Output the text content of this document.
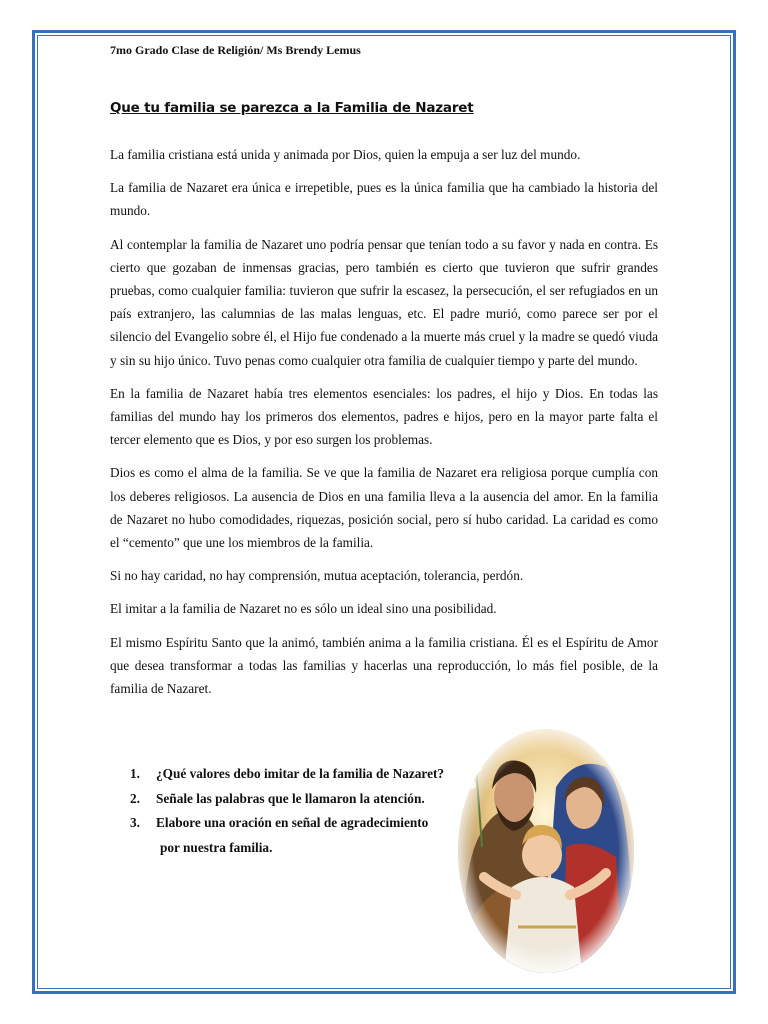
7mo Grado Clase de Religión/ Ms Brendy Lemus
Que tu familia se parezca a la Familia de Nazaret

La familia cristiana está unida y animada por Dios, quien la empuja a ser luz del mundo.

La familia de Nazaret era única e irrepetible, pues es la única familia que ha cambiado la historia del mundo.

Al contemplar la familia de Nazaret uno podría pensar que tenían todo a su favor y nada en contra. Es cierto que gozaban de inmensas gracias, pero también es cierto que tuvieron que sufrir grandes pruebas, como cualquier familia: tuvieron que sufrir la escasez, la persecución, el ser refugiados en un país extranjero, las calumnias de las malas lenguas, etc. El padre murió, como parece ser por el silencio del Evangelio sobre él, el Hijo fue condenado a la muerte más cruel y la madre se quedó viuda y sin su hijo único. Tuvo penas como cualquier otra familia de cualquier tiempo y parte del mundo.

En la familia de Nazaret había tres elementos esenciales: los padres, el hijo y Dios. En todas las familias del mundo hay los primeros dos elementos, padres e hijos, pero en la mayor parte falta el tercer elemento que es Dios, y por eso surgen los problemas.

Dios es como el alma de la familia. Se ve que la familia de Nazaret era religiosa porque cumplía con los deberes religiosos. La ausencia de Dios en una familia lleva a la ausencia del amor. En la familia de Nazaret no hubo comodidades, riquezas, posición social, pero sí hubo caridad. La caridad es como el “cemento” que une los miembros de la familia.

Si no hay caridad, no hay comprensión, mutua aceptación, tolerancia, perdón.

El imitar a la familia de Nazaret no es sólo un ideal sino una posibilidad.

El mismo Espíritu Santo que la animó, también anima a la familia cristiana. Él es el Espíritu de Amor que desea transformar a todas las familias y hacerlas una reproducción, lo más fiel posible, de la familia de Nazaret.

1. ¿Qué valores debo imitar de la familia de Nazaret?
2. Señale las palabras que le llamaron la atención.
3. Elabore una oración en señal de agradecimiento
por nuestra familia.
